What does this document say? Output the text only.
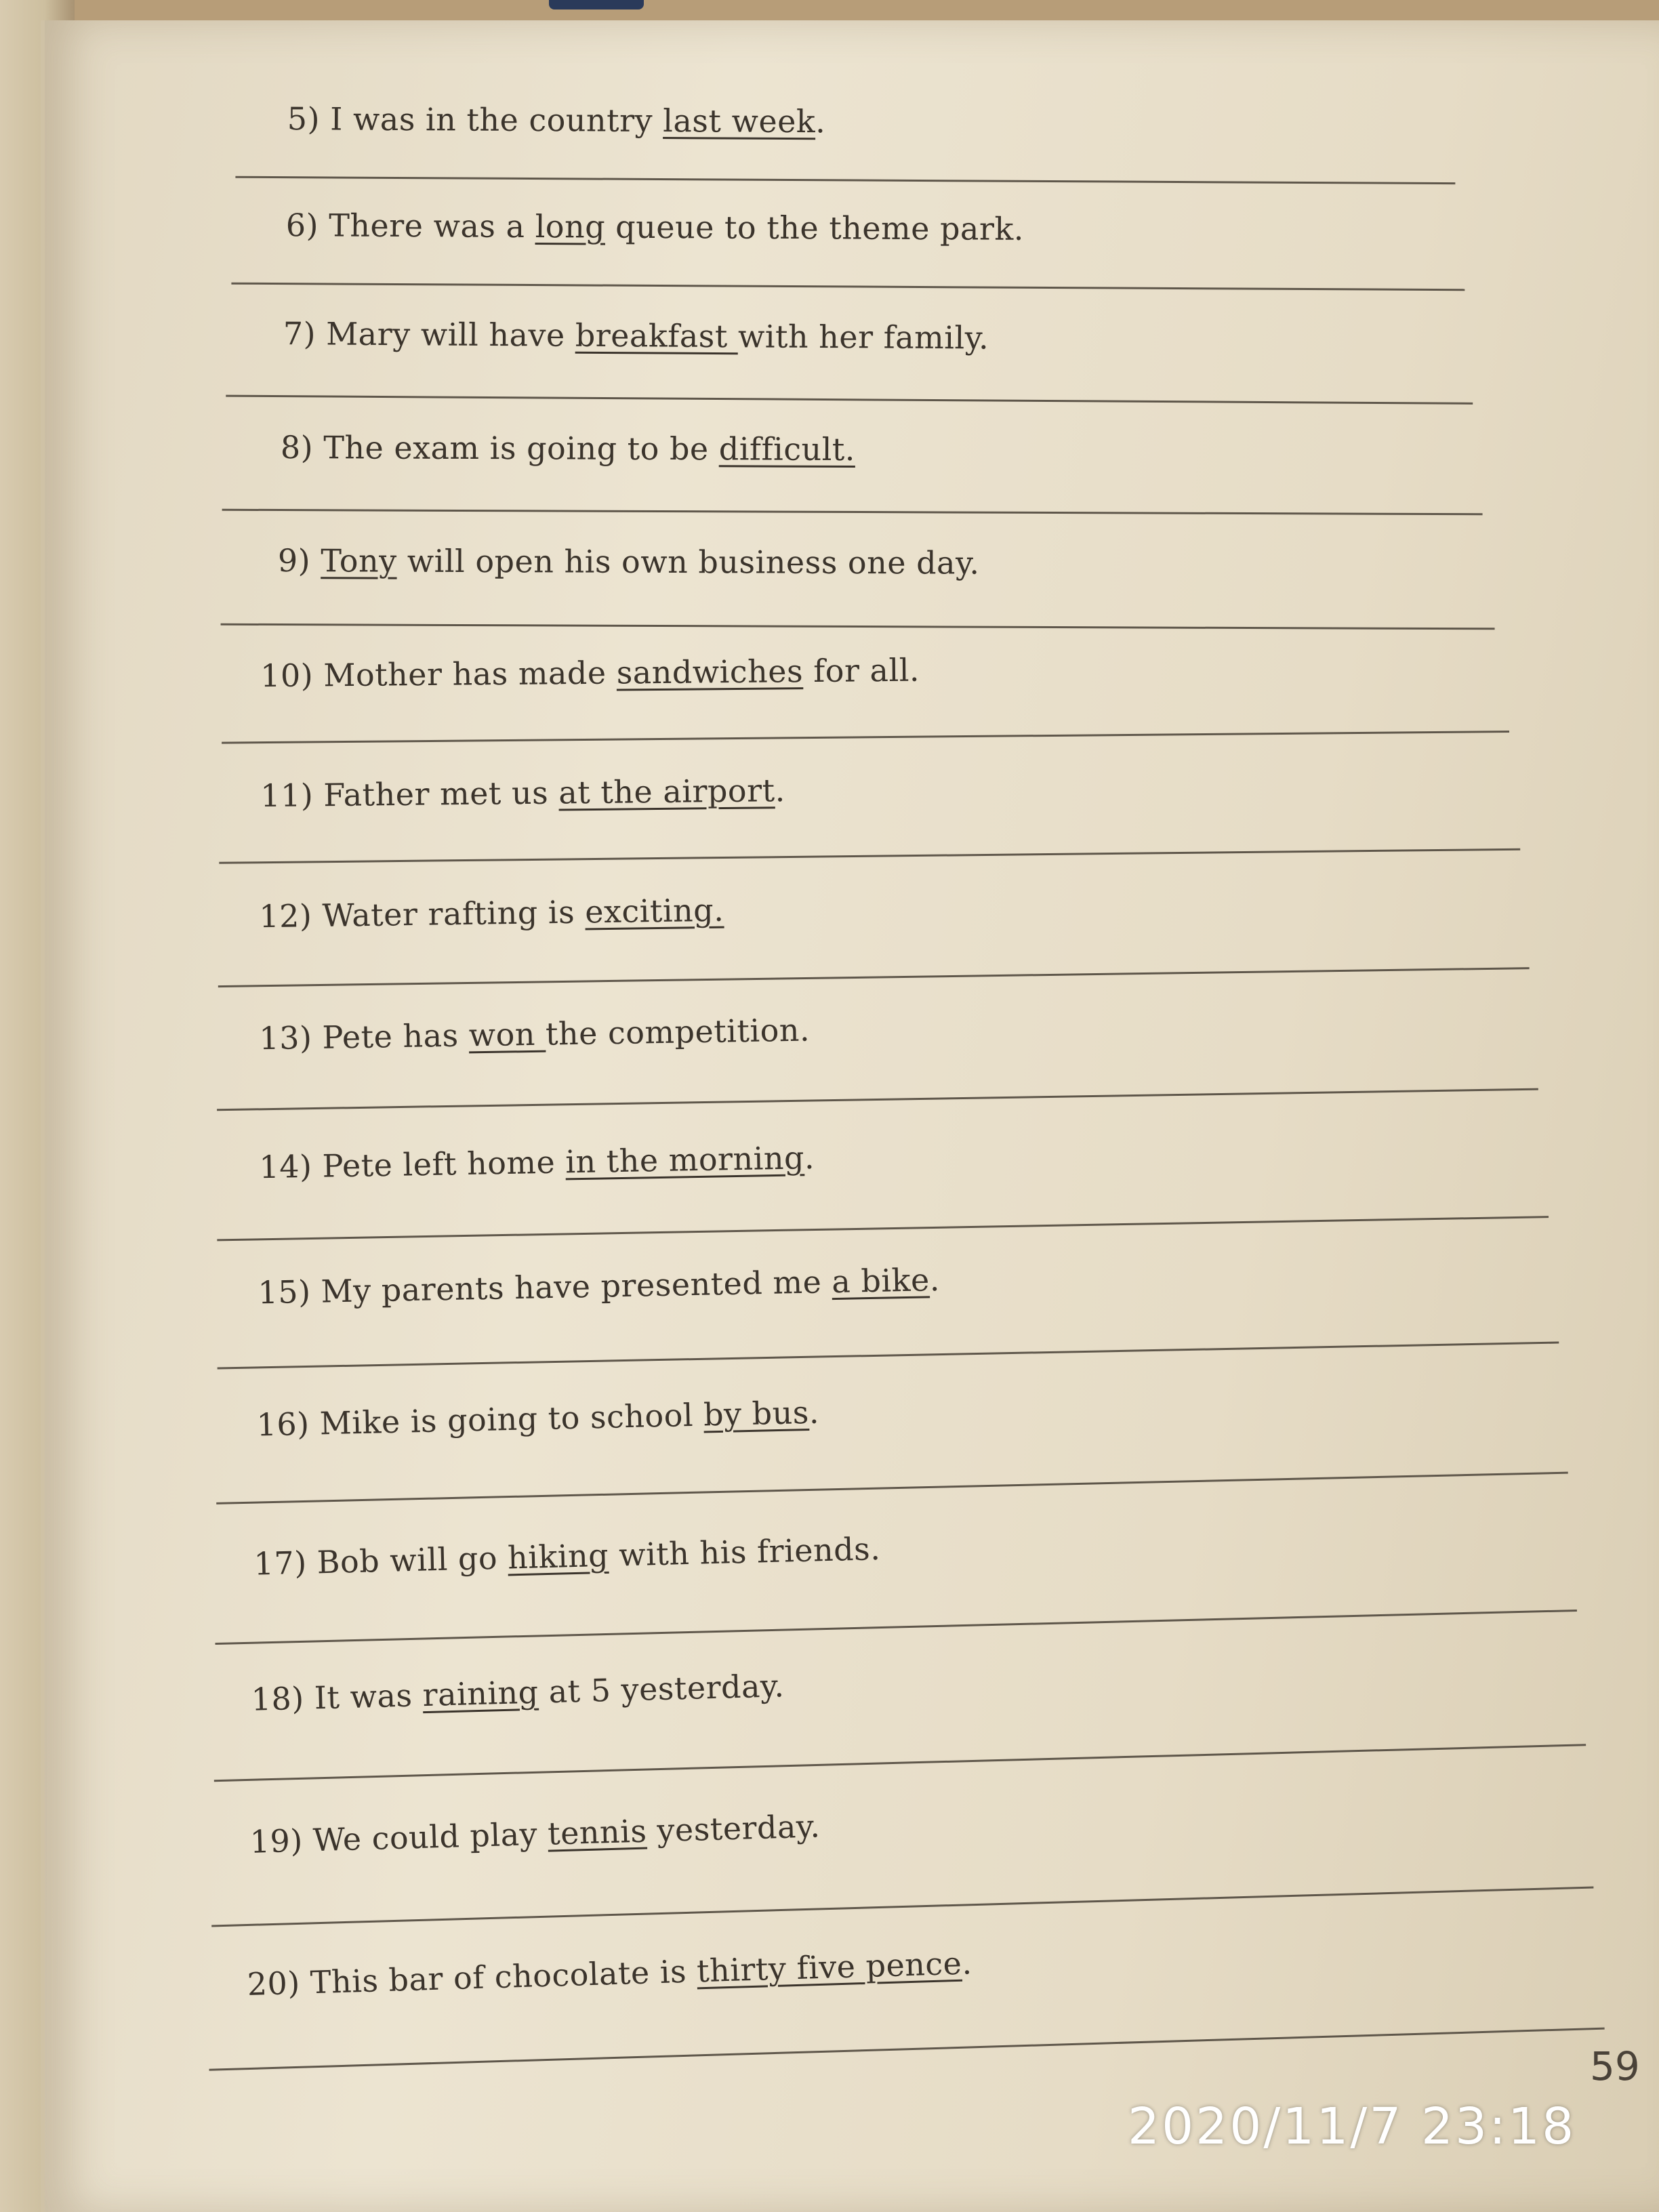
5) I was in the country last week.
6) There was a long queue to the theme park.
7) Mary will have breakfast with her family.
8) The exam is going to be difficult.
9) Tony will open his own business one day.
10) Mother has made sandwiches for all.
11) Father met us at the airport.
12) Water rafting is exciting.
13) Pete has won the competition.
14) Pete left home in the morning.
15) My parents have presented me a bike.
16) Mike is going to school by bus.
17) Bob will go hiking with his friends.
18) It was raining at 5 yesterday.
19) We could play tennis yesterday.
20) This bar of chocolate is thirty five pence.
59
2020/11/7 23:18
